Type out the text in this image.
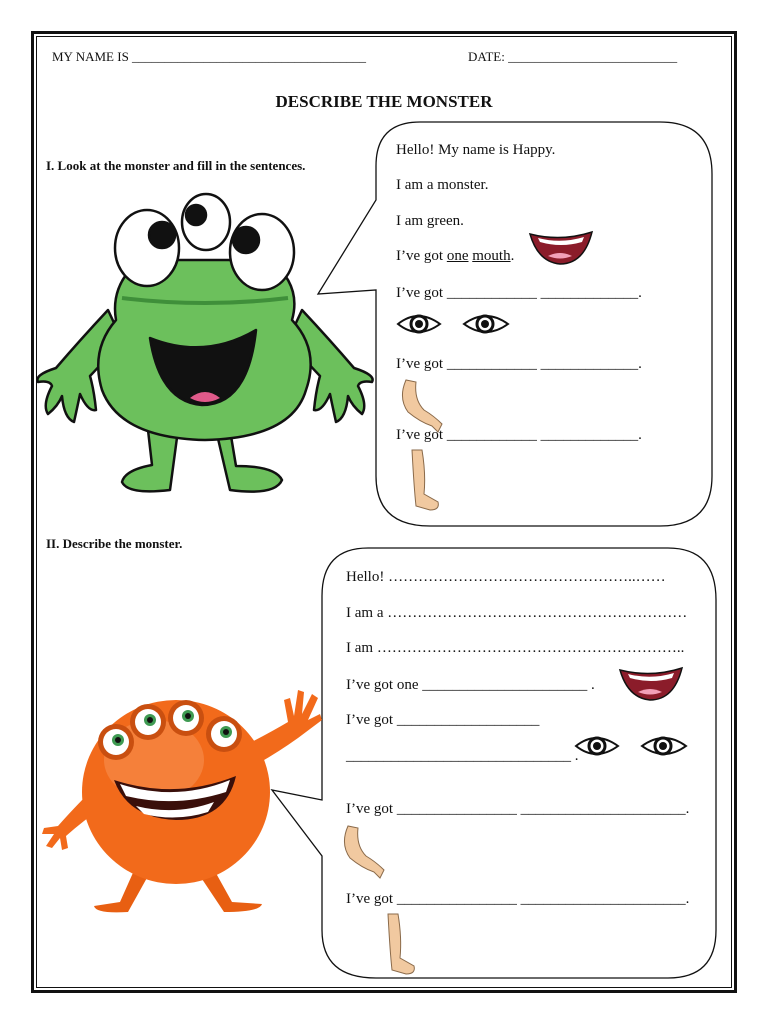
MY NAME IS ____________________________________	DATE: __________________________
DESCRIBE THE MONSTER
I. Look at the monster and fill in the sentences.
Hello! My name is Happy.
I am a monster.
I am green.
I’ve got one mouth.
I’ve got ____________ _____________.
I’ve got ____________ _____________.
I’ve got ____________ _____________.
II. Describe the monster.
Hello! …………………………………………..……
I am a ……………………………………………………
I am ……………………………………………………..
I’ve got one ______________________ .
I’ve got ___________________
______________________________ .
I’ve got ________________ ______________________.
I’ve got ________________ ______________________.
